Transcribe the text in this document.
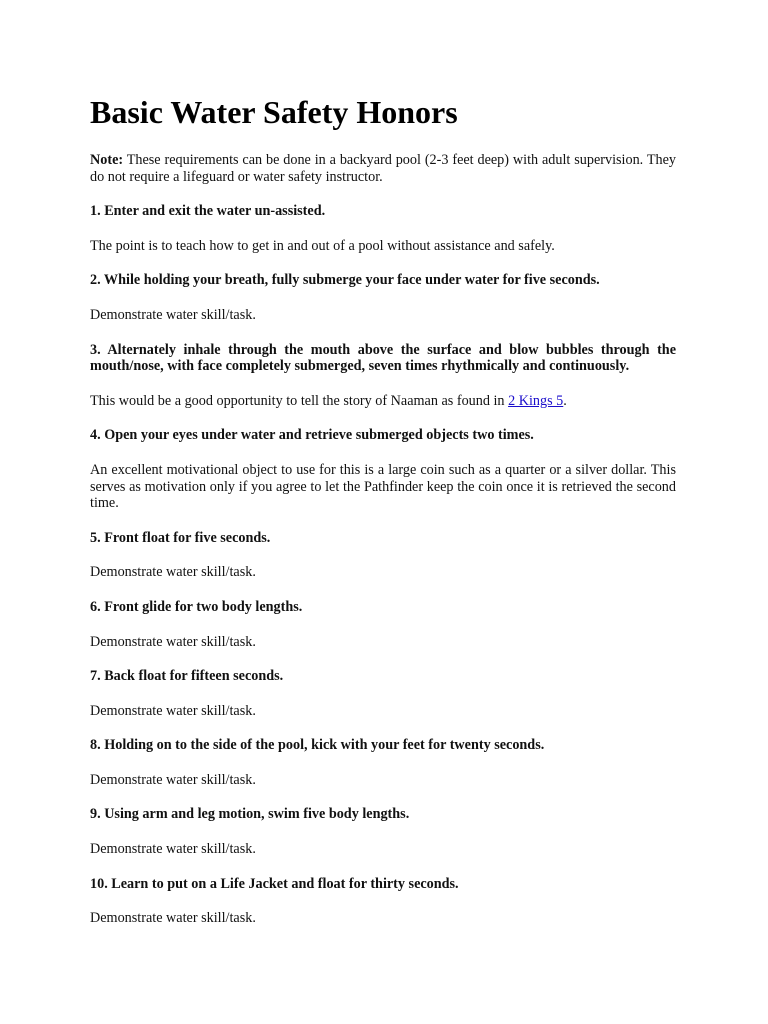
Basic Water Safety Honors

Note: These requirements can be done in a backyard pool (2-3 feet deep) with adult supervision. They do not require a lifeguard or water safety instructor.

1. Enter and exit the water un-assisted.

The point is to teach how to get in and out of a pool without assistance and safely.

2. While holding your breath, fully submerge your face under water for five seconds.

Demonstrate water skill/task.

3. Alternately inhale through the mouth above the surface and blow bubbles through the mouth/nose, with face completely submerged, seven times rhythmically and continuously.

This would be a good opportunity to tell the story of Naaman as found in 2 Kings 5.

4. Open your eyes under water and retrieve submerged objects two times.

An excellent motivational object to use for this is a large coin such as a quarter or a silver dollar. This serves as motivation only if you agree to let the Pathfinder keep the coin once it is retrieved the second time.

5. Front float for five seconds.

Demonstrate water skill/task.

6. Front glide for two body lengths.

Demonstrate water skill/task.

7. Back float for fifteen seconds.

Demonstrate water skill/task.

8. Holding on to the side of the pool, kick with your feet for twenty seconds.

Demonstrate water skill/task.

9. Using arm and leg motion, swim five body lengths.

Demonstrate water skill/task.

10. Learn to put on a Life Jacket and float for thirty seconds.

Demonstrate water skill/task.
